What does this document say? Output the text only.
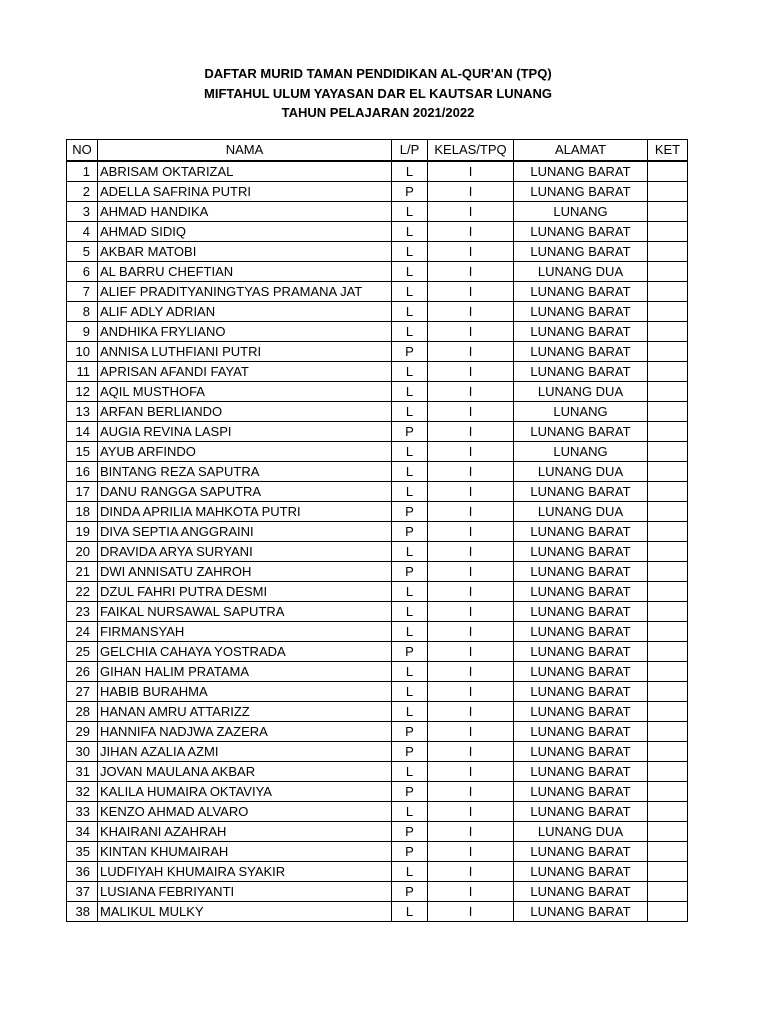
DAFTAR MURID TAMAN PENDIDIKAN AL-QUR'AN (TPQ)
MIFTAHUL ULUM YAYASAN DAR EL KAUTSAR LUNANG
TAHUN PELAJARAN 2021/2022
NO	NAMA	L/P	KELAS/TPQ	ALAMAT	KET
1	ABRISAM OKTARIZAL	L	I	LUNANG BARAT	
2	ADELLA SAFRINA PUTRI	P	I	LUNANG BARAT	
3	AHMAD HANDIKA	L	I	LUNANG	
4	AHMAD SIDIQ	L	I	LUNANG BARAT	
5	AKBAR MATOBI	L	I	LUNANG BARAT	
6	AL BARRU CHEFTIAN	L	I	LUNANG DUA	
7	ALIEF PRADITYANINGTYAS PRAMANA JAT	L	I	LUNANG BARAT	
8	ALIF ADLY ADRIAN	L	I	LUNANG BARAT	
9	ANDHIKA FRYLIANO	L	I	LUNANG BARAT	
10	ANNISA LUTHFIANI PUTRI	P	I	LUNANG BARAT	
11	APRISAN AFANDI FAYAT	L	I	LUNANG BARAT	
12	AQIL MUSTHOFA	L	I	LUNANG DUA	
13	ARFAN BERLIANDO	L	I	LUNANG	
14	AUGIA REVINA LASPI	P	I	LUNANG BARAT	
15	AYUB ARFINDO	L	I	LUNANG	
16	BINTANG REZA SAPUTRA	L	I	LUNANG DUA	
17	DANU RANGGA SAPUTRA	L	I	LUNANG BARAT	
18	DINDA APRILIA MAHKOTA PUTRI	P	I	LUNANG DUA	
19	DIVA SEPTIA ANGGRAINI	P	I	LUNANG BARAT	
20	DRAVIDA ARYA SURYANI	L	I	LUNANG BARAT	
21	DWI ANNISATU ZAHROH	P	I	LUNANG BARAT	
22	DZUL FAHRI PUTRA DESMI	L	I	LUNANG BARAT	
23	FAIKAL NURSAWAL SAPUTRA	L	I	LUNANG BARAT	
24	FIRMANSYAH	L	I	LUNANG BARAT	
25	GELCHIA CAHAYA YOSTRADA	P	I	LUNANG BARAT	
26	GIHAN HALIM PRATAMA	L	I	LUNANG BARAT	
27	HABIB BURAHMA	L	I	LUNANG BARAT	
28	HANAN AMRU ATTARIZZ	L	I	LUNANG BARAT	
29	HANNIFA NADJWA ZAZERA	P	I	LUNANG BARAT	
30	JIHAN AZALIA AZMI	P	I	LUNANG BARAT	
31	JOVAN MAULANA AKBAR	L	I	LUNANG BARAT	
32	KALILA HUMAIRA OKTAVIYA	P	I	LUNANG BARAT	
33	KENZO AHMAD ALVARO	L	I	LUNANG BARAT	
34	KHAIRANI AZAHRAH	P	I	LUNANG DUA	
35	KINTAN KHUMAIRAH	P	I	LUNANG BARAT	
36	LUDFIYAH KHUMAIRA SYAKIR	L	I	LUNANG BARAT	
37	LUSIANA FEBRIYANTI	P	I	LUNANG BARAT	
38	MALIKUL MULKY	L	I	LUNANG BARAT	
